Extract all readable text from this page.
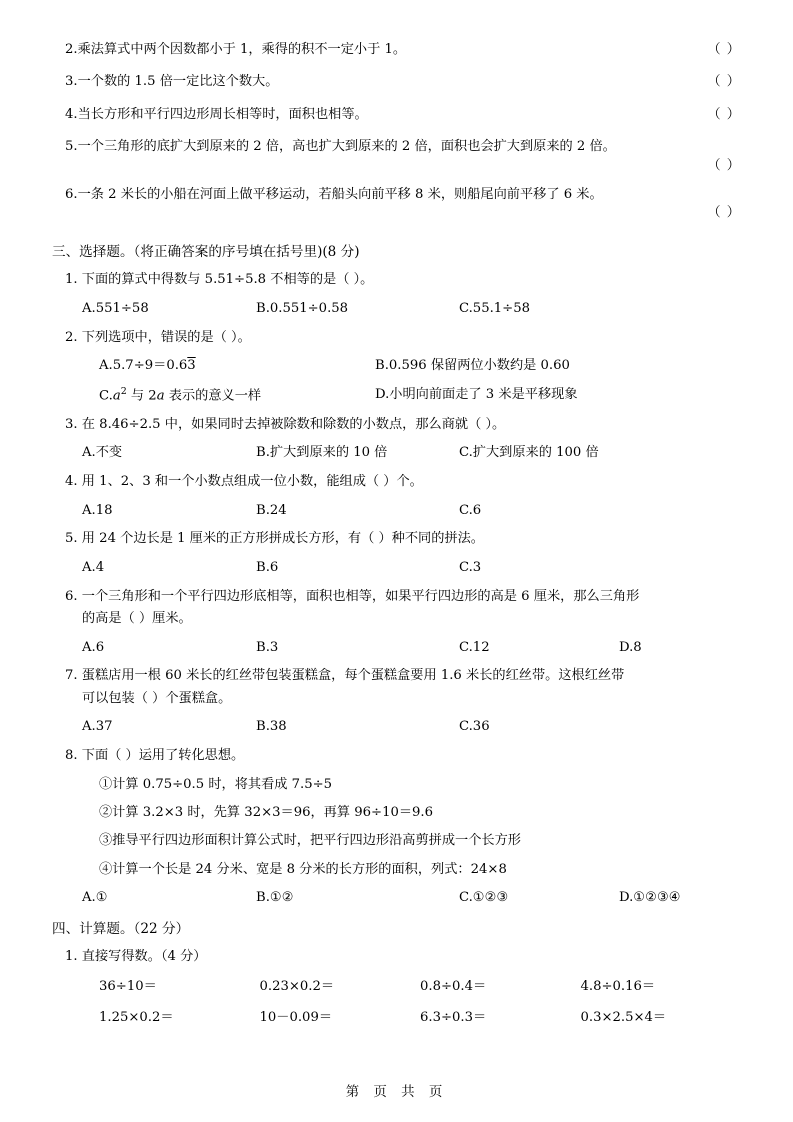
2.乘法算式中两个因数都小于 1，乘得的积不一定小于 1。	（ ）
3.一个数的 1.5 倍一定比这个数大。	（ ）
4.当长方形和平行四边形周长相等时，面积也相等。	（ ）
5.一个三角形的底扩大到原来的 2 倍，高也扩大到原来的 2 倍，面积也会扩大到原来的 2 倍。
（ ）
6.一条 2 米长的小船在河面上做平移运动，若船头向前平移 8 米，则船尾向前平移了 6 米。
（ ）
三、选择题。（将正确答案的序号填在括号里)(8 分)
1. 下面的算式中得数与 5.51÷5.8 不相等的是（ ）。
A.551÷58	B.0.551÷0.58	C.55.1÷58
2. 下列选项中，错误的是（ ）。
A.5.7÷9＝0.63	B.0.596 保留两位小数约是 0.60
$C.a^2$ 与 2a 表示的意义一样	D.小明向前面走了 3 米是平移现象
3. 在 8.46÷2.5 中，如果同时去掉被除数和除数的小数点，那么商就（ ）。
A.不变	B.扩大到原来的 10 倍	C.扩大到原来的 100 倍
4. 用 1、2、3 和一个小数点组成一位小数，能组成（ ）个。
A.18	B.24	C.6
5. 用 24 个边长是 1 厘米的正方形拼成长方形，有（ ）种不同的拼法。
A.4	B.6	C.3
6. 一个三角形和一个平行四边形底相等，面积也相等，如果平行四边形的高是 6 厘米，那么三角形
的高是（ ）厘米。
A.6	B.3	C.12	D.8
7. 蛋糕店用一根 60 米长的红丝带包装蛋糕盒，每个蛋糕盒要用 1.6 米长的红丝带。这根红丝带
可以包装（ ）个蛋糕盒。
A.37	B.38	C.36
8. 下面（ ）运用了转化思想。
①计算 0.75÷0.5 时，将其看成 7.5÷5
②计算 3.2×3 时，先算 32×3＝96，再算 96÷10＝9.6
③推导平行四边形面积计算公式时，把平行四边形沿高剪拼成一个长方形
④计算一个长是 24 分米、宽是 8 分米的长方形的面积，列式：24×8
A.①	B.①②	C.①②③	D.①②③④
四、计算题。（22 分）
1. 直接写得数。（4 分）
36÷10＝	0.23×0.2＝	0.8÷0.4＝	4.8÷0.16＝
1.25×0.2＝	10－0.09＝	6.3÷0.3＝	0.3×2.5×4＝
第 页 共 页
